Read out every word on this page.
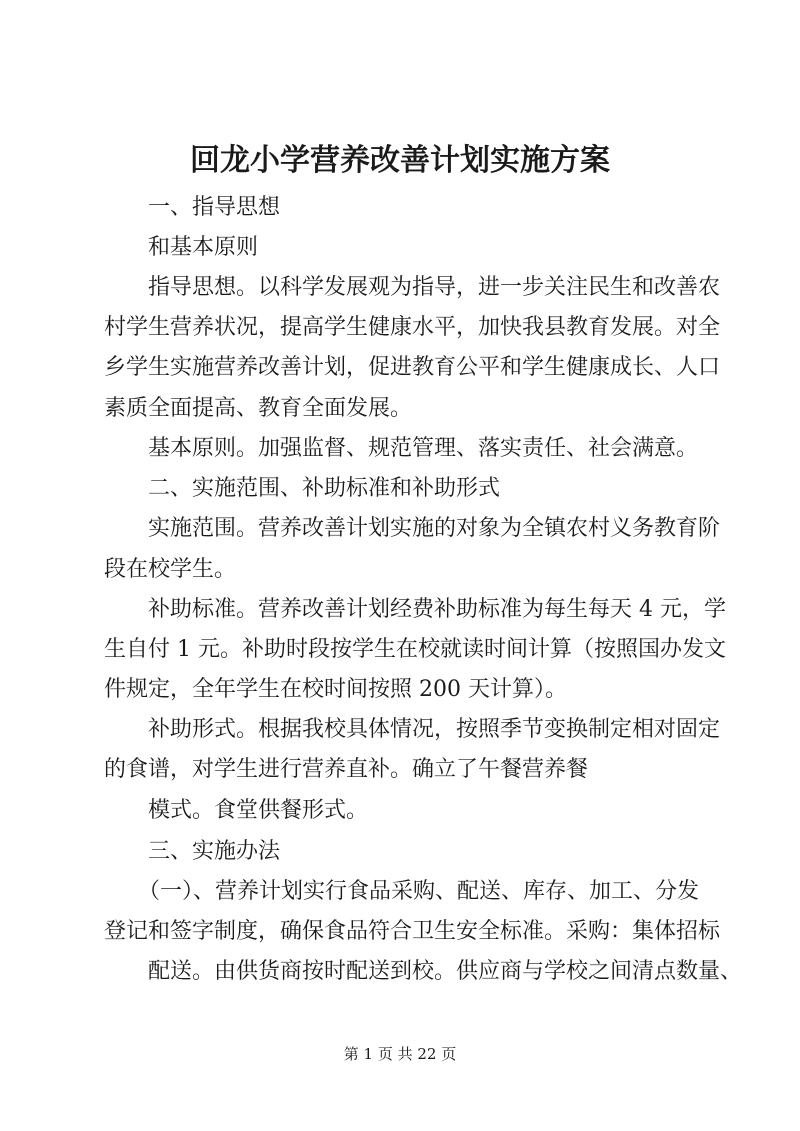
回龙小学营养改善计划实施方案
一、指导思想
和基本原则
指导思想。以科学发展观为指导，进一步关注民生和改善农
村学生营养状况，提高学生健康水平，加快我县教育发展。对全
乡学生实施营养改善计划，促进教育公平和学生健康成长、人口
素质全面提高、教育全面发展。
基本原则。加强监督、规范管理、落实责任、社会满意。
二、实施范围、补助标准和补助形式
实施范围。营养改善计划实施的对象为全镇农村义务教育阶
段在校学生。
补助标准。营养改善计划经费补助标准为每生每天 4 元，学
生自付 1 元。补助时段按学生在校就读时间计算（按照国办发文
件规定，全年学生在校时间按照 200 天计算）。
补助形式。根据我校具体情况，按照季节变换制定相对固定
的食谱，对学生进行营养直补。确立了午餐营养餐
模式。食堂供餐形式。
三、实施办法
（一）、营养计划实行食品采购、配送、库存、加工、分发
登记和签字制度，确保食品符合卫生安全标准。采购：集体招标
配送。由供货商按时配送到校。供应商与学校之间清点数量、
第 1 页 共 22 页
